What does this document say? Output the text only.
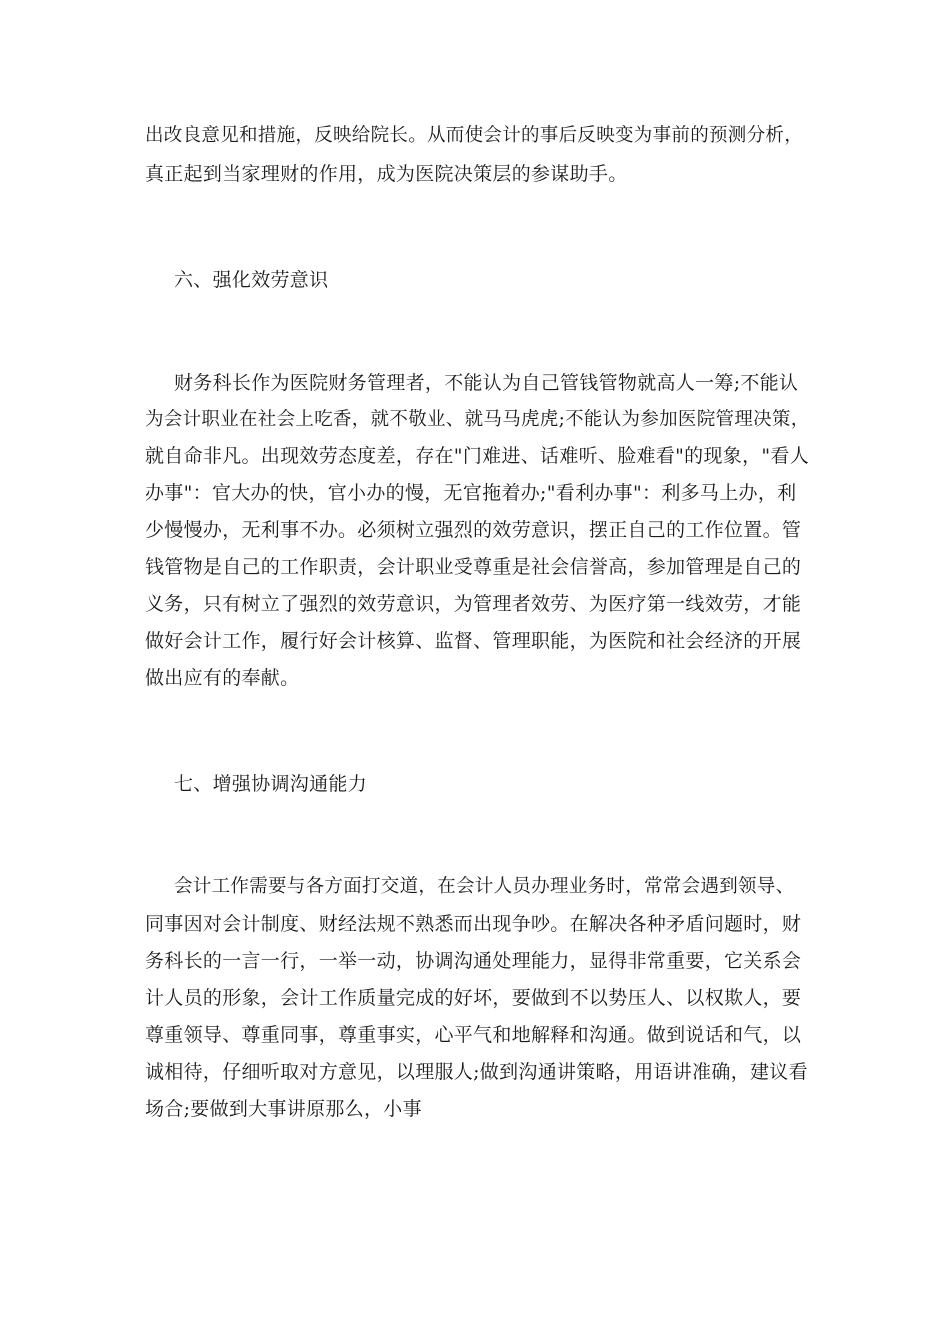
出改良意见和措施，反映给院长。从而使会计的事后反映变为事前的预测分析，
真正起到当家理财的作用，成为医院决策层的参谋助手。
六、强化效劳意识
财务科长作为医院财务管理者，不能认为自己管钱管物就高人一筹;不能认
为会计职业在社会上吃香，就不敬业、就马马虎虎;不能认为参加医院管理决策，
就自命非凡。出现效劳态度差，存在"门难进、话难听、脸难看"的现象，"看人
办事"：官大办的快，官小办的慢，无官拖着办;"看利办事"：利多马上办，利
少慢慢办，无利事不办。必须树立强烈的效劳意识，摆正自己的工作位置。管
钱管物是自己的工作职责，会计职业受尊重是社会信誉高，参加管理是自己的
义务，只有树立了强烈的效劳意识，为管理者效劳、为医疗第一线效劳，才能
做好会计工作，履行好会计核算、监督、管理职能，为医院和社会经济的开展
做出应有的奉献。
七、增强协调沟通能力
会计工作需要与各方面打交道，在会计人员办理业务时，常常会遇到领导、
同事因对会计制度、财经法规不熟悉而出现争吵。在解决各种矛盾问题时，财
务科长的一言一行，一举一动，协调沟通处理能力，显得非常重要，它关系会
计人员的形象，会计工作质量完成的好坏，要做到不以势压人、以权欺人，要
尊重领导、尊重同事，尊重事实，心平气和地解释和沟通。做到说话和气，以
诚相待，仔细听取对方意见，以理服人;做到沟通讲策略，用语讲准确，建议看
场合;要做到大事讲原那么，小事
